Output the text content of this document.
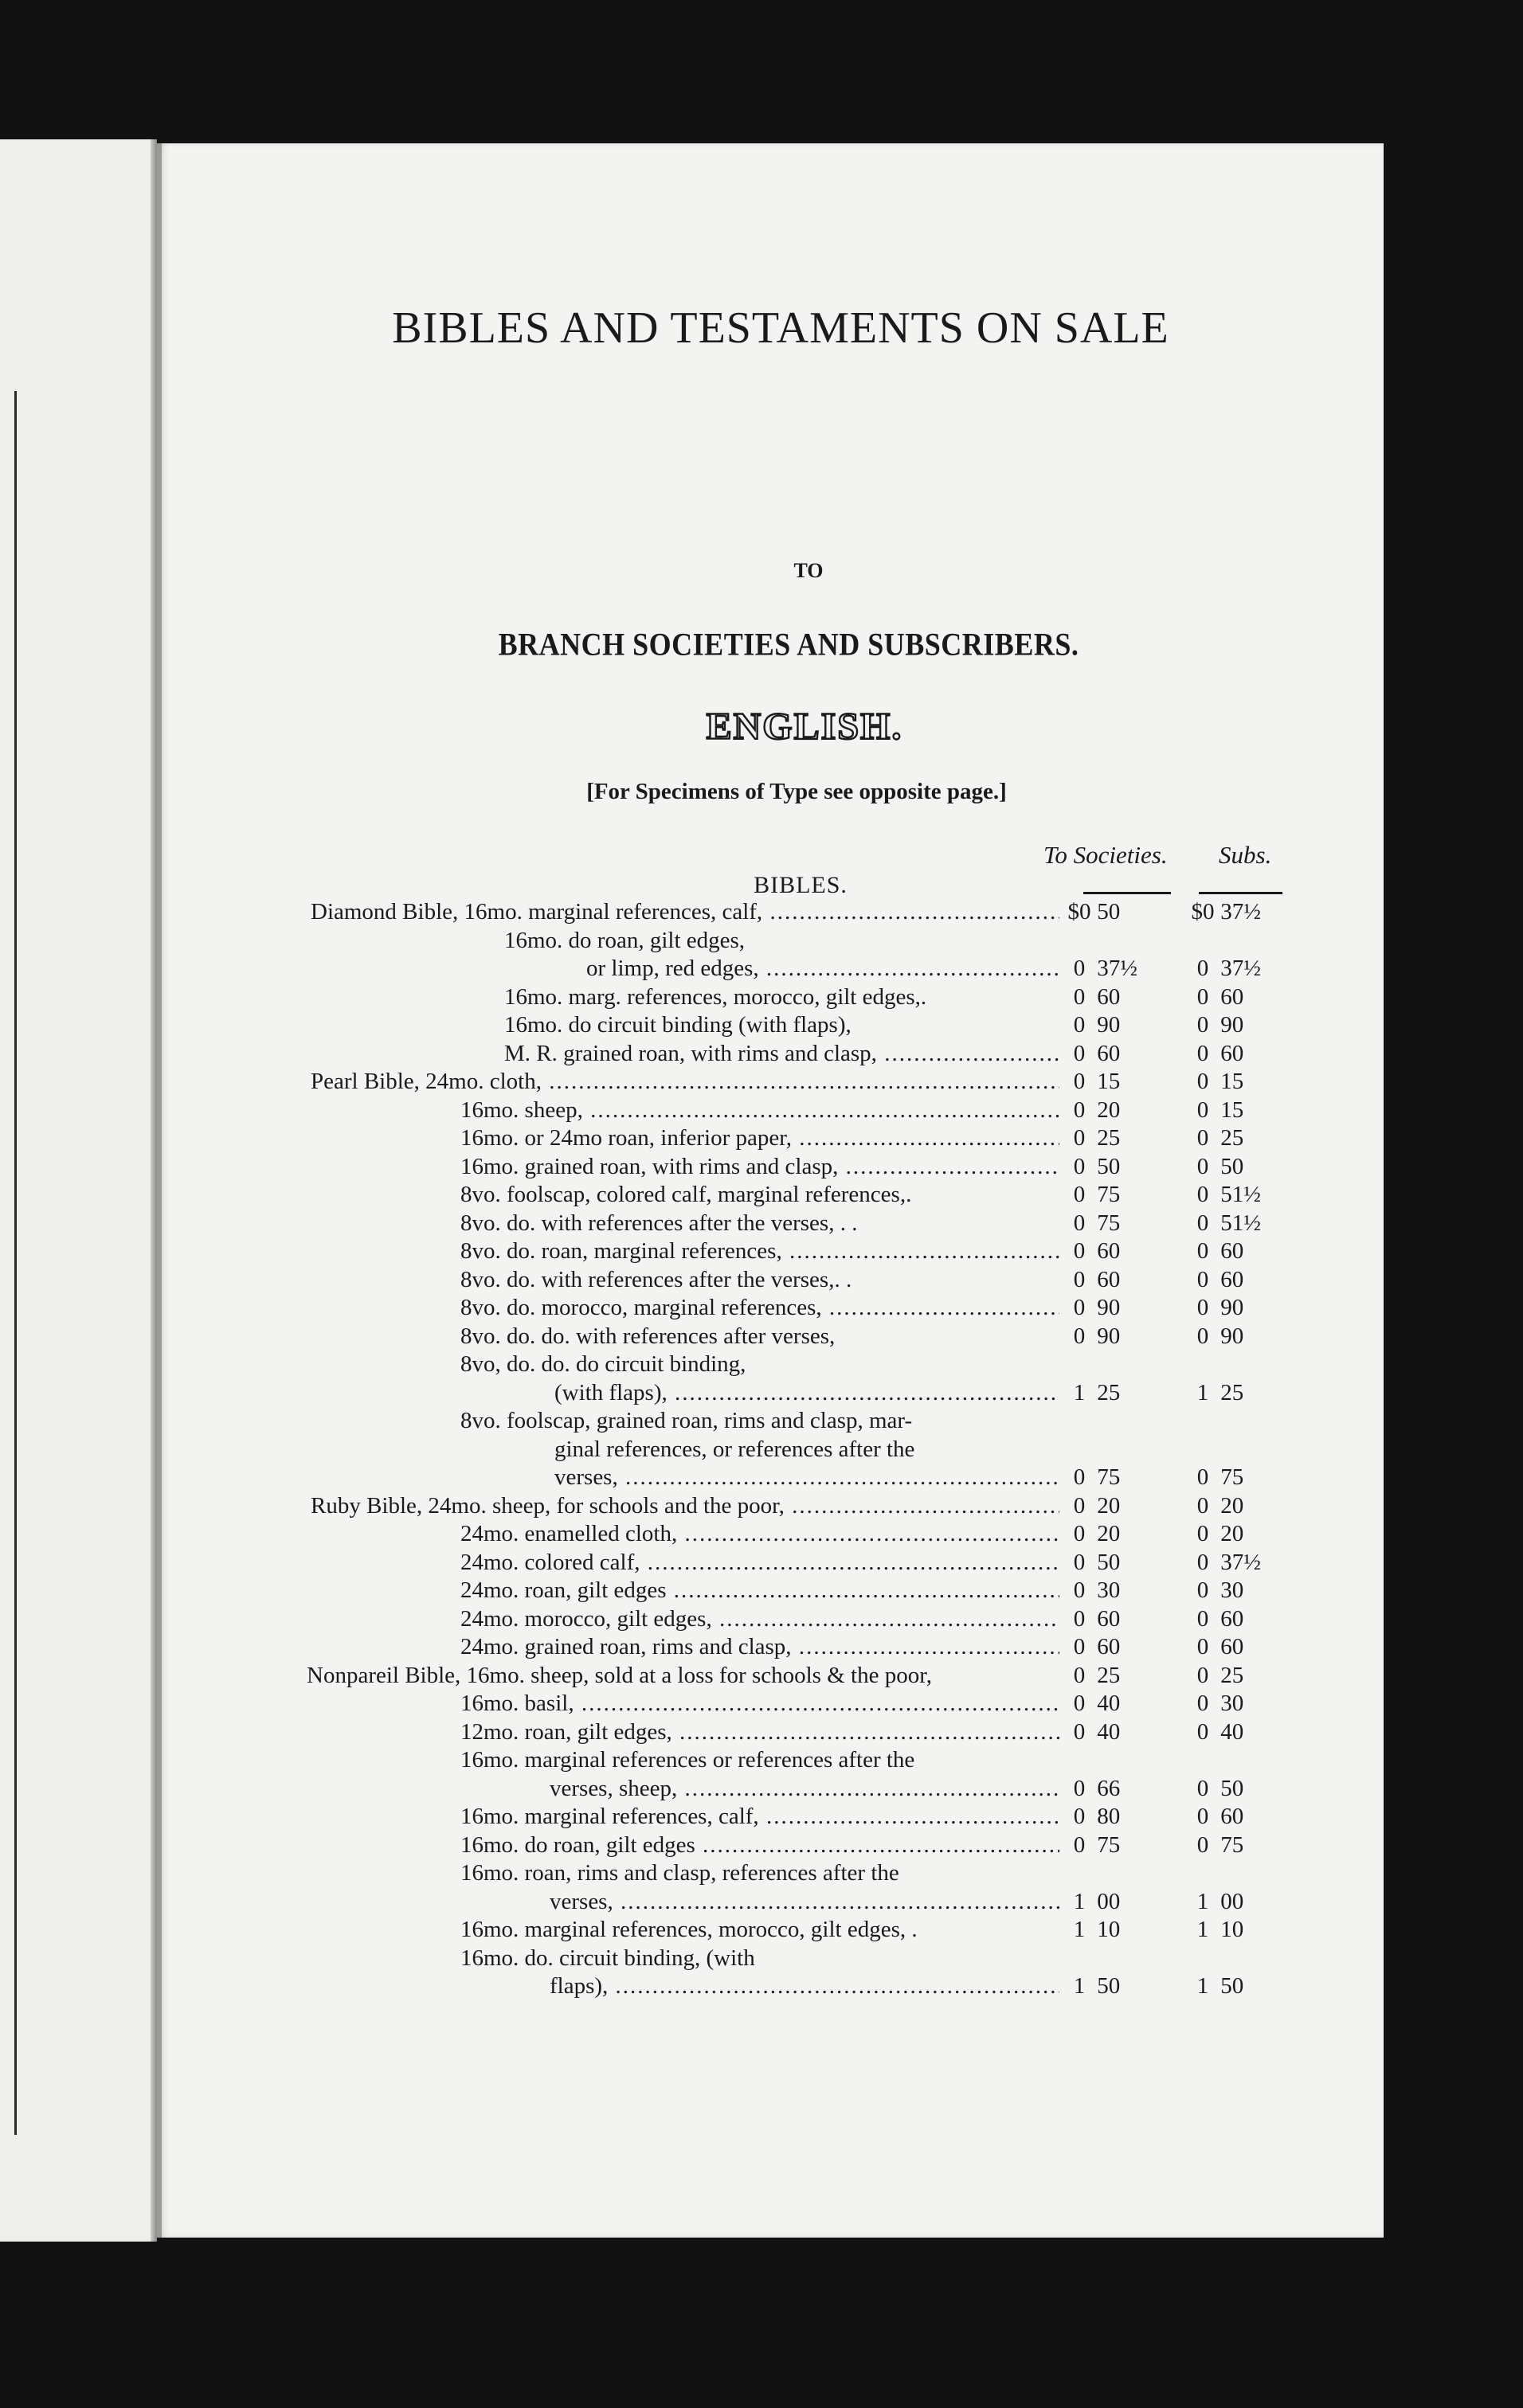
BIBLES AND TESTAMENTS ON SALE
TO
BRANCH SOCIETIES AND SUBSCRIBERS.
ENGLISH.
[For Specimens of Type see opposite page.]
To Societies. Subs.
BIBLES.
Diamond Bible, 16mo. marginal references, calf, .....	$0 50	$0 37½
16mo. do roan, gilt edges,
or limp, red edges, .....	0 37½	0 37½
16mo. marg. references, morocco, gilt edges,.	0 60	0 60
16mo. do circuit binding (with flaps),	0 90	0 90
M. R. grained roan, with rims and clasp, .....	0 60	0 60
Pearl Bible, 24mo. cloth, .....	0 15	0 15
16mo. sheep, .....	0 20	0 15
16mo. or 24mo roan, inferior paper, .....	0 25	0 25
16mo. grained roan, with rims and clasp, .....	0 50	0 50
8vo. foolscap, colored calf, marginal references,.	0 75	0 51½
8vo. do. with references after the verses, . .	0 75	0 51½
8vo. do. roan, marginal references, .....	0 60	0 60
8vo. do. with references after the verses,. .	0 60	0 60
8vo. do. morocco, marginal references, .....	0 90	0 90
8vo. do. do. with references after verses,	0 90	0 90
8vo, do. do. do circuit binding,
(with flaps), .....	1 25	1 25
8vo. foolscap, grained roan, rims and clasp, mar-
ginal references, or references after the
verses, .....	0 75	0 75
Ruby Bible, 24mo. sheep, for schools and the poor, .....	0 20	0 20
24mo. enamelled cloth, .....	0 20	0 20
24mo. colored calf, .....	0 50	0 37½
24mo. roan, gilt edges .....	0 30	0 30
24mo. morocco, gilt edges, .....	0 60	0 60
24mo. grained roan, rims and clasp, .....	0 60	0 60
Nonpareil Bible, 16mo. sheep, sold at a loss for schools & the poor,	0 25	0 25
16mo. basil, .....	0 40	0 30
12mo. roan, gilt edges, .....	0 40	0 40
16mo. marginal references or references after the
verses, sheep, .....	0 66	0 50
16mo. marginal references, calf, .....	0 80	0 60
16mo. do roan, gilt edges .....	0 75	0 75
16mo. roan, rims and clasp, references after the
verses, .....	1 00	1 00
16mo. marginal references, morocco, gilt edges, .	1 10	1 10
16mo. do. circuit binding, (with
flaps), .....	1 50	1 50
